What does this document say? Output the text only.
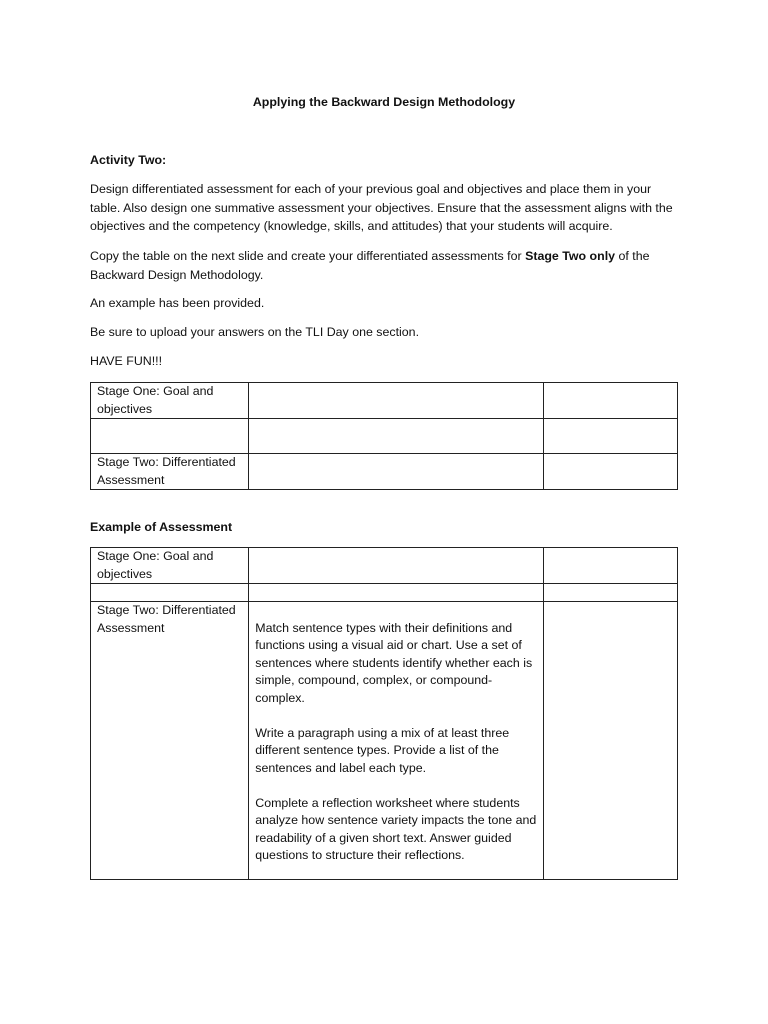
Applying the Backward Design Methodology
Activity Two:

Design differentiated assessment for each of your previous goal and objectives and place them in your table. Also design one summative assessment your objectives. Ensure that the assessment aligns with the objectives and the competency (knowledge, skills, and attitudes) that your students will acquire.

Copy the table on the next slide and create your differentiated assessments for Stage Two only of the Backward Design Methodology.

An example has been provided.

Be sure to upload your answers on the TLI Day one section.

HAVE FUN!!!

Stage One: Goal and objectives		

Stage Two: Differentiated Assessment		
Example of Assessment
Stage One: Goal and objectives		

Stage Two: Differentiated Assessment	Match sentence types with their definitions and functions using a visual aid or chart. Use a set of sentences where students identify whether each is simple, compound, complex, or compound-complex.

Write a paragraph using a mix of at least three different sentence types. Provide a list of the sentences and label each type.

Complete a reflection worksheet where students analyze how sentence variety impacts the tone and readability of a given short text. Answer guided questions to structure their reflections.	
